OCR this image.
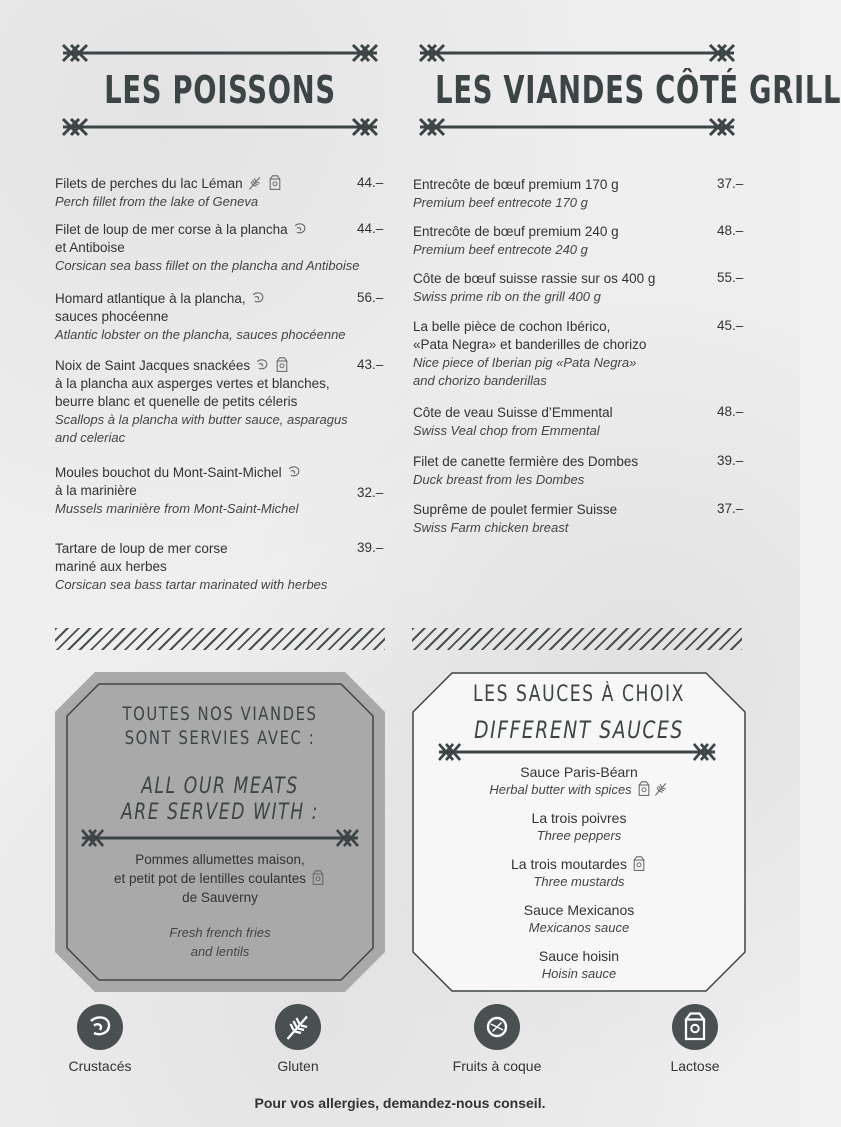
LES POISSONS	LES VIANDES CÔTÉ GRILL
Filets de perches du lac Léman
Perch fillet from the lake of Geneva
44.–
Filet de loup de mer corse à la plancha
et Antiboise
Corsican sea bass fillet on the plancha and Antiboise
44.–
Homard atlantique à la plancha,
sauces phocéenne
Atlantic lobster on the plancha, sauces phocéenne
56.–
Noix de Saint Jacques snackées
à la plancha aux asperges vertes et blanches,
beurre blanc et quenelle de petits céleris
Scallops à la plancha with butter sauce, asparagus
and celeriac
43.–
Moules bouchot du Mont-Saint-Michel
à la marinière
Mussels marinière from Mont-Saint-Michel
32.–
Tartare de loup de mer corse
mariné aux herbes
Corsican sea bass tartar marinated with herbes
39.–
Entrecôte de bœuf premium 170 g
Premium beef entrecote 170 g
37.–
Entrecôte de bœuf premium 240 g
Premium beef entrecote 240 g
48.–
Côte de bœuf suisse rassie sur os 400 g
Swiss prime rib on the grill 400 g
55.–
La belle pièce de cochon Ibérico,
«Pata Negra» et banderilles de chorizo
Nice piece of Iberian pig «Pata Negra»
and chorizo banderillas
45.–
Côte de veau Suisse d’Emmental
Swiss Veal chop from Emmental
48.–
Filet de canette fermière des Dombes
Duck breast from les Dombes
39.–
Suprême de poulet fermier Suisse
Swiss Farm chicken breast
37.–
TOUTES NOS VIANDES
SONT SERVIES AVEC :
ALL OUR MEATS
ARE SERVED WITH :
Pommes allumettes maison,
et petit pot de lentilles coulantes
de Sauverny
Fresh french fries
and lentils
LES SAUCES À CHOIX
DIFFERENT SAUCES
Sauce Paris-Béarn
Herbal butter with spices
La trois poivres
Three peppers
La trois moutardes
Three mustards
Sauce Mexicanos
Mexicanos sauce
Sauce hoisin
Hoisin sauce
Crustacés	Gluten	Fruits à coque	Lactose
Pour vos allergies, demandez-nous conseil.
